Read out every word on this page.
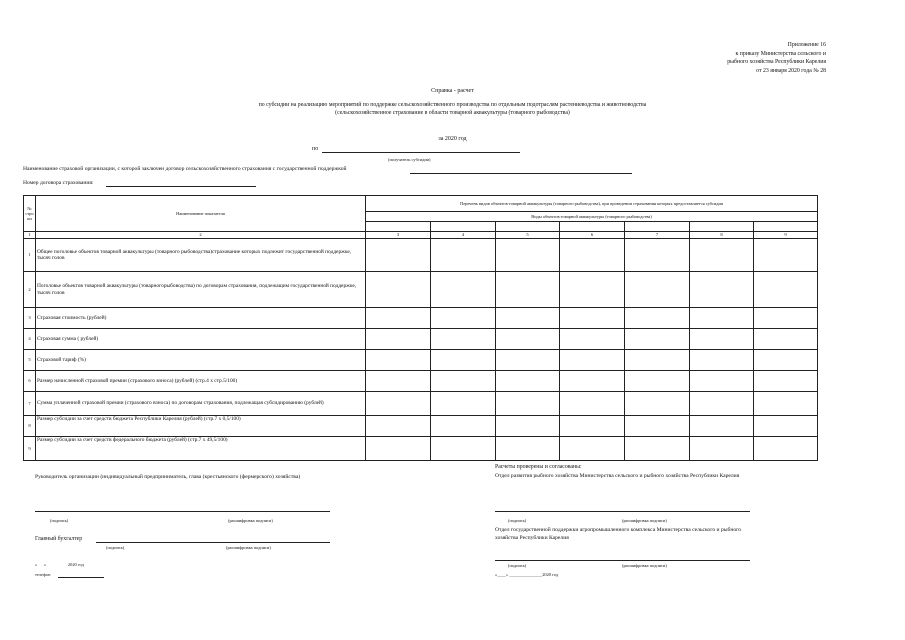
Приложение 16
к приказу Министерства сельского и
рыбного хозяйства Республики Карелия
от 23 января 2020 года № 28
Справка - расчет
по субсидии на реализацию мероприятий по поддержке сельскохозяйственного производства по отдельным подотраслям растениеводства и животноводства
(сельскохозяйственное страхование в области товарной аквакультуры (товарного рыбоводства)
за 2020 год
по
(получатель субсидии)
Наименование страховой организации, с которой заключен договор сельскохозяйственного страхования с государственной поддержкой
Номер договора страхования:
№ стро ки	Наименование показателя	Перечень видов объектов товарной аквакультуры (товарного рыбоводства), при проведении страхования которых предоставляется субсидия						
		Виды объектов товарной аквакультуры (товарного рыбоводства)						

1	2	3	4	5	6	7	8	9
1	Общее поголовье объектов товарной аквакультуры (товарного рыбоводства)страхование которых подлежит государственной поддержке, тысяч голов							
2	Поголовье объектов товарной аквакультуры (товарногорыбоводства) по договорам страхования, подлежащим государственной поддержке, тысяч голов							
3	Страховая стоимость (рублей)							
4	Страховая сумма ( рублей)							
5	Страховой тариф (%)							
6	Размер начисленной страховой премии (страхового взноса) (рублей) (стр.4 х стр.5/100)							
7	Сумма уплаченной страховой премии (страхового взноса) по договорам страхования, подлежащая субсидированию (рублей)							
8	Размер субсидии за счет средств бюджета Республики Карелия (рублей) (стр.7 х 0,5/100)							
9	Размер субсидии за счет средств федерального бюджета (рублей) (стр.7 х 49,5/100)							
Руководитель организации (индивидуальный предприниматель, глава (крестьянского (фермерского) хозяйства)
(подпись)	(расшифровка подписи)
Главный бухгалтер
(подпись)	(расшифровка подписи)
«      »                    2020 год
телефон
Расчеты проверены и согласованы:
Отдел развития рыбного хозяйства Министерства сельского и рыбного хозяйства Республики Карелия
(подпись)	(расшифровка подписи)
Отдел государственной поддержки агропромышленного комплекса Министерства сельского и рыбного хозяйства Республики Карелия
(подпись)	(расшифровка подписи)
«____» _______________2020 год
